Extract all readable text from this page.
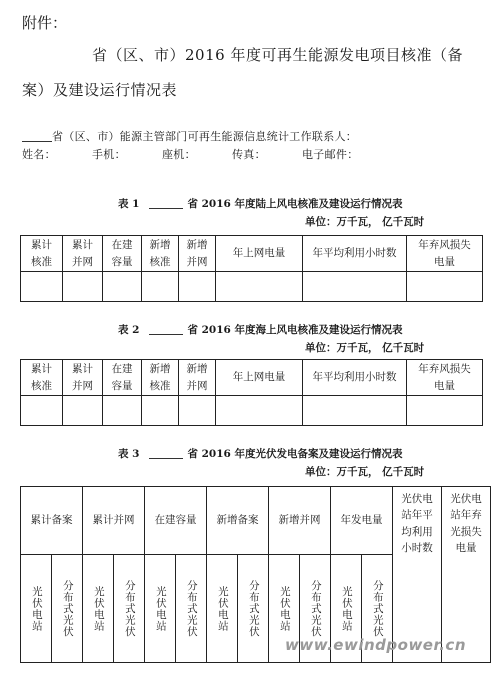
附件：
省（区、市）2016 年度可再生能源发电项目核准（备
案）及建设运行情况表
省（区、市）能源主管部门可再生能源信息统计工作联系人：
姓名：	手机：	座机：	传真：	电子邮件：
表 1	省 2016 年度陆上风电核准及建设运行情况表
单位：万千瓦， 亿千瓦时
累计核准	累计并网	在建容量	新增核准	新增并网	年上网电量	年平均利用小时数	年弃风损失电量

表 2	省 2016 年度海上风电核准及建设运行情况表
单位：万千瓦， 亿千瓦时
累计核准	累计并网	在建容量	新增核准	新增并网	年上网电量	年平均利用小时数	年弃风损失电量

表 3	省 2016 年度光伏发电备案及建设运行情况表
单位：万千瓦， 亿千瓦时
累计备案		累计并网		在建容量		新增备案		新增并网		年发电量		光伏电站年平均利用小时数	光伏电站年弃光损失电量

光伏电站	分布式光伏	光伏电站	分布式光伏	光伏电站	分布式光伏	光伏电站	分布式光伏	光伏电站	分布式光伏	光伏电站	分布式光伏		
www.ewindpower.cn
